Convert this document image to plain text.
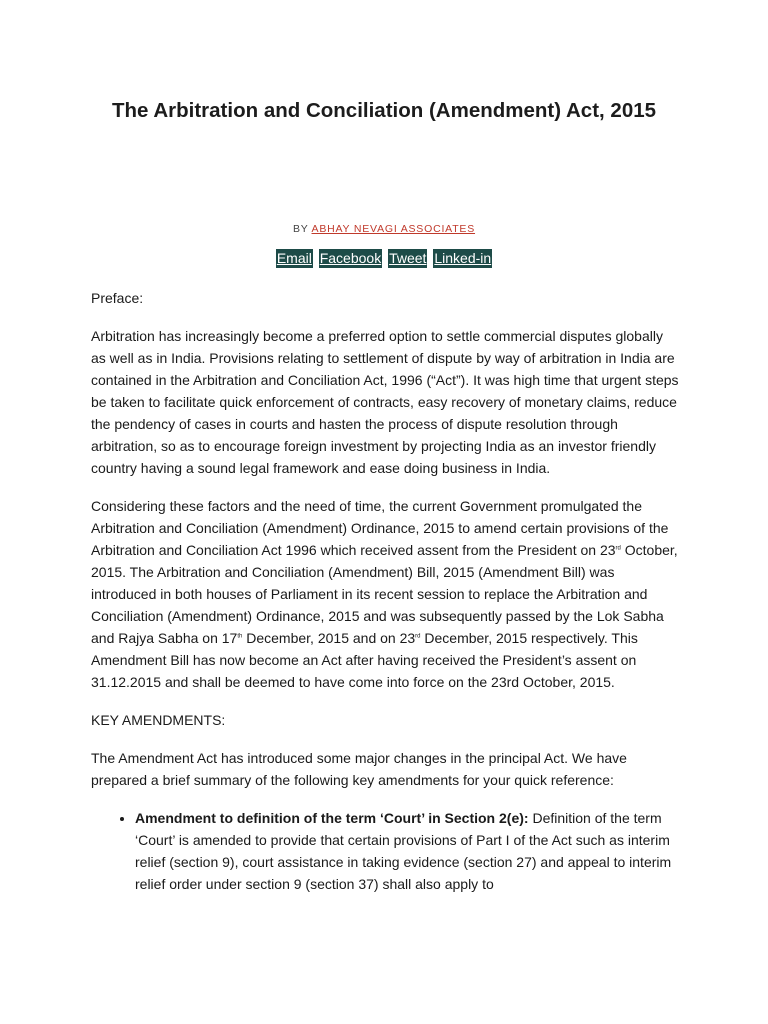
The Arbitration and Conciliation (Amendment) Act, 2015
BY ABHAY NEVAGI ASSOCIATES
Email Facebook Tweet Linked-in

Preface:

Arbitration has increasingly become a preferred option to settle commercial disputes globally as well as in India. Provisions relating to settlement of dispute by way of arbitration in India are contained in the Arbitration and Conciliation Act, 1996 (“Act”). It was high time that urgent steps be taken to facilitate quick enforcement of contracts, easy recovery of monetary claims, reduce the pendency of cases in courts and hasten the process of dispute resolution through arbitration, so as to encourage foreign investment by projecting India as an investor friendly country having a sound legal framework and ease doing business in India.

Considering these factors and the need of time, the current Government promulgated the Arbitration and Conciliation (Amendment) Ordinance, 2015 to amend certain provisions of the Arbitration and Conciliation Act 1996 which received assent from the President on 23rd October, 2015. The Arbitration and Conciliation (Amendment) Bill, 2015 (Amendment Bill) was introduced in both houses of Parliament in its recent session to replace the Arbitration and Conciliation (Amendment) Ordinance, 2015 and was subsequently passed by the Lok Sabha and Rajya Sabha on 17th December, 2015 and on 23rd December, 2015 respectively. This Amendment Bill has now become an Act after having received the President’s assent on 31.12.2015 and shall be deemed to have come into force on the 23rd October, 2015.

KEY AMENDMENTS:

The Amendment Act has introduced some major changes in the principal Act. We have prepared a brief summary of the following key amendments for your quick reference:

• Amendment to definition of the term ‘Court’ in Section 2(e): Definition of the term ‘Court’ is amended to provide that certain provisions of Part I of the Act such as interim relief (section 9), court assistance in taking evidence (section 27) and appeal to interim relief order under section 9 (section 37) shall also apply to
